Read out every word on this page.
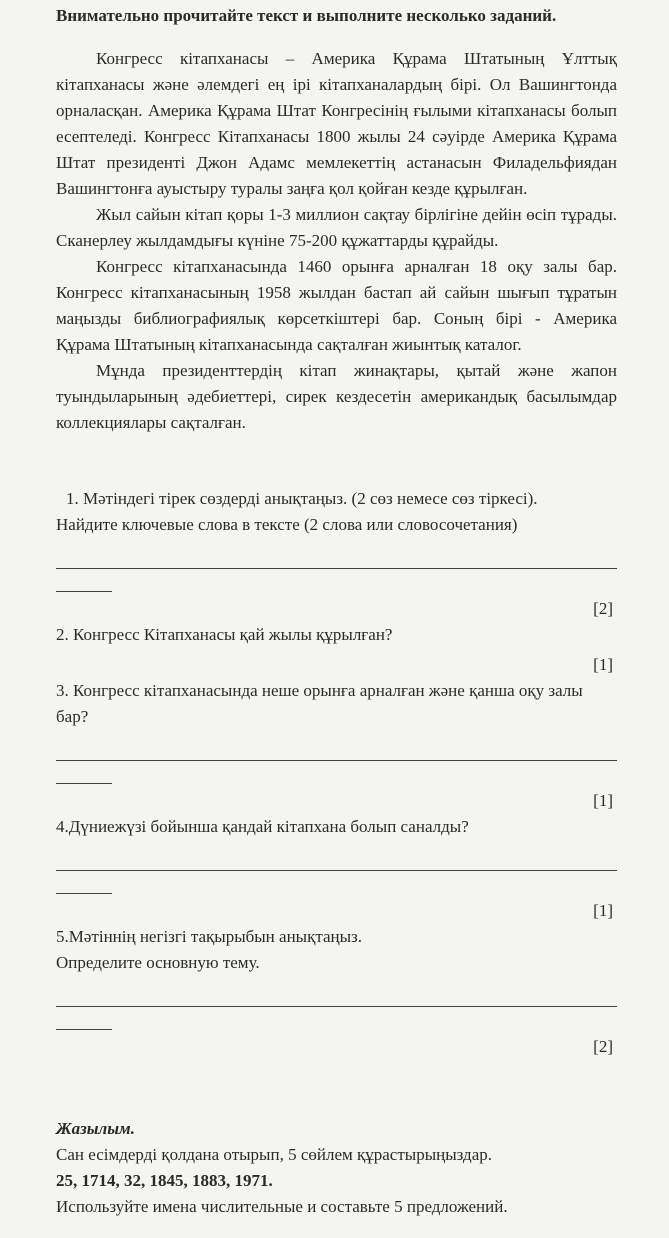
Внимательно прочитайте текст и выполните несколько заданий.

Конгресс кітапханасы – Америка Құрама Штатының Ұлттық кітапханасы және әлемдегі ең ірі кітапханалардың бірі. Ол Вашингтонда орналасқан. Америка Құрама Штат Конгресінің ғылыми кітапханасы болып есептеледі. Конгресс Кітапханасы 1800 жылы 24 сәуірде Америка Құрама Штат президенті Джон Адамс мемлекеттің астанасын Филадельфиядан Вашингтонға ауыстыру туралы заңға қол қойған кезде құрылған.

Жыл сайын кітап қоры 1-3 миллион сақтау бірлігіне дейін өсіп тұрады. Сканерлеу жылдамдығы күніне 75-200 құжаттарды құрайды.

Конгресс кітапханасында 1460 орынға арналған 18 оқу залы бар. Конгресс кітапханасының 1958 жылдан бастап ай сайын шығып тұратын маңызды библиографиялық көрсеткіштері бар. Соның бірі - Америка Құрама Штатының кітапханасында сақталған жиынтық каталог.

Мұнда президенттердің кітап жинақтары, қытай және жапон туындыларының әдебиеттері, сирек кездесетін американдық басылымдар коллекциялары сақталған.

1. Мәтіндегі тірек сөздерді анықтаңыз. (2 сөз немесе сөз тіркесі).

Найдите ключевые слова в тексте (2 слова или словосочетания)

[2]

2. Конгресс Кітапханасы қай жылы құрылған?

[1]

3. Конгресс кітапханасында неше орынға арналған және қанша оқу залы бар?

[1]

4.Дүниежүзі бойынша қандай кітапхана болып саналды?

[1]

5.Мәтіннің негізгі тақырыбын анықтаңыз.

Определите основную тему.

[2]
Жазылым.
Сан есімдерді қолдана отырып, 5 сөйлем құрастырыңыздар.
25, 1714, 32, 1845, 1883, 1971.
Используйте имена числительные и составьте 5 предложений.
